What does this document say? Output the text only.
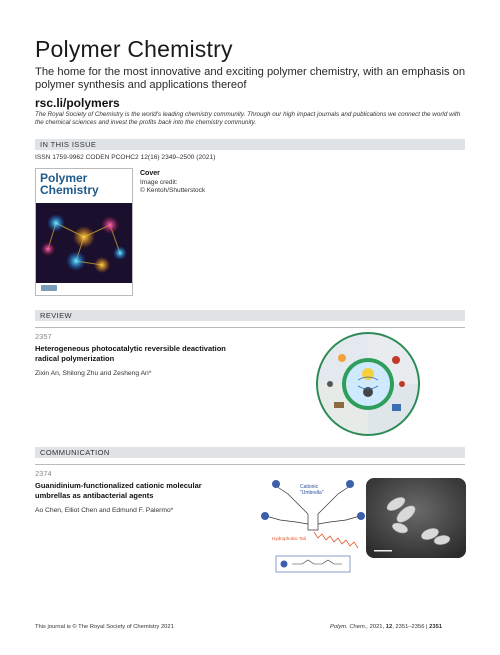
Polymer Chemistry
The home for the most innovative and exciting polymer chemistry, with an emphasis on polymer synthesis and applications thereof
rsc.li/polymers
The Royal Society of Chemistry is the world's leading chemistry community. Through our high impact journals and publications we connect the world with the chemical sciences and invest the profits back into the chemistry community.
IN THIS ISSUE
ISSN 1759-9962 CODEN PCOHC2 12(16) 2349–2500 (2021)
Polymer
Chemistry
Cover
Image credit:
© Kentoh/Shutterstock
REVIEW
2357
Heterogeneous photocatalytic reversible deactivation radical polymerization
Zixin An, Shilong Zhu and Zesheng An*
COMMUNICATION
2374
Guanidinium-functionalized cationic molecular umbrellas as antibacterial agents
Ao Chen, Elliot Chen and Edmund F. Palermo*
Cationic
"Umbrella"
Hydrophobic Tail
This journal is © The Royal Society of Chemistry 2021	Polym. Chem., 2021, 12, 2351–2356 | 2351
